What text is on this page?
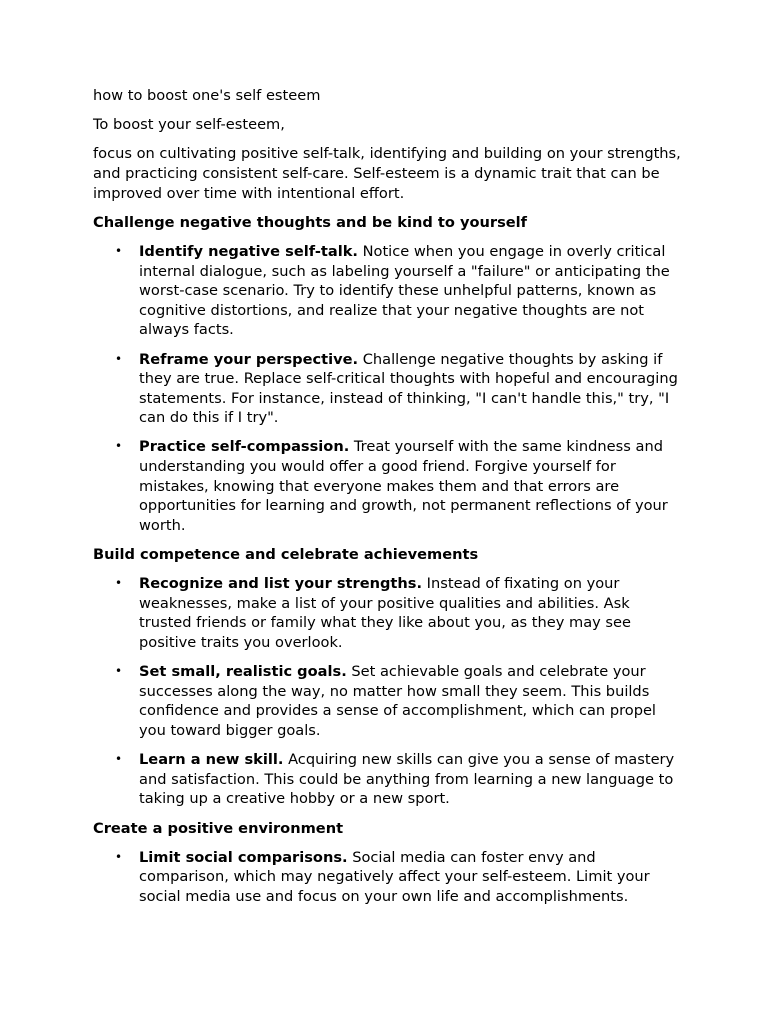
how to boost one's self esteem

To boost your self-esteem,

focus on cultivating positive self-talk, identifying and building on your strengths, and practicing consistent self-care. Self-esteem is a dynamic trait that can be improved over time with intentional effort.

Challenge negative thoughts and be kind to yourself
• Identify negative self-talk. Notice when you engage in overly critical internal dialogue, such as labeling yourself a "failure" or anticipating the worst-case scenario. Try to identify these unhelpful patterns, known as cognitive distortions, and realize that your negative thoughts are not always facts.
• Reframe your perspective. Challenge negative thoughts by asking if they are true. Replace self-critical thoughts with hopeful and encouraging statements. For instance, instead of thinking, "I can't handle this," try, "I can do this if I try".
• Practice self-compassion. Treat yourself with the same kindness and understanding you would offer a good friend. Forgive yourself for mistakes, knowing that everyone makes them and that errors are opportunities for learning and growth, not permanent reflections of your worth.
Build competence and celebrate achievements
• Recognize and list your strengths. Instead of fixating on your weaknesses, make a list of your positive qualities and abilities. Ask trusted friends or family what they like about you, as they may see positive traits you overlook.
• Set small, realistic goals. Set achievable goals and celebrate your successes along the way, no matter how small they seem. This builds confidence and provides a sense of accomplishment, which can propel you toward bigger goals.
• Learn a new skill. Acquiring new skills can give you a sense of mastery and satisfaction. This could be anything from learning a new language to taking up a creative hobby or a new sport.
Create a positive environment
• Limit social comparisons. Social media can foster envy and comparison, which may negatively affect your self-esteem. Limit your social media use and focus on your own life and accomplishments.
